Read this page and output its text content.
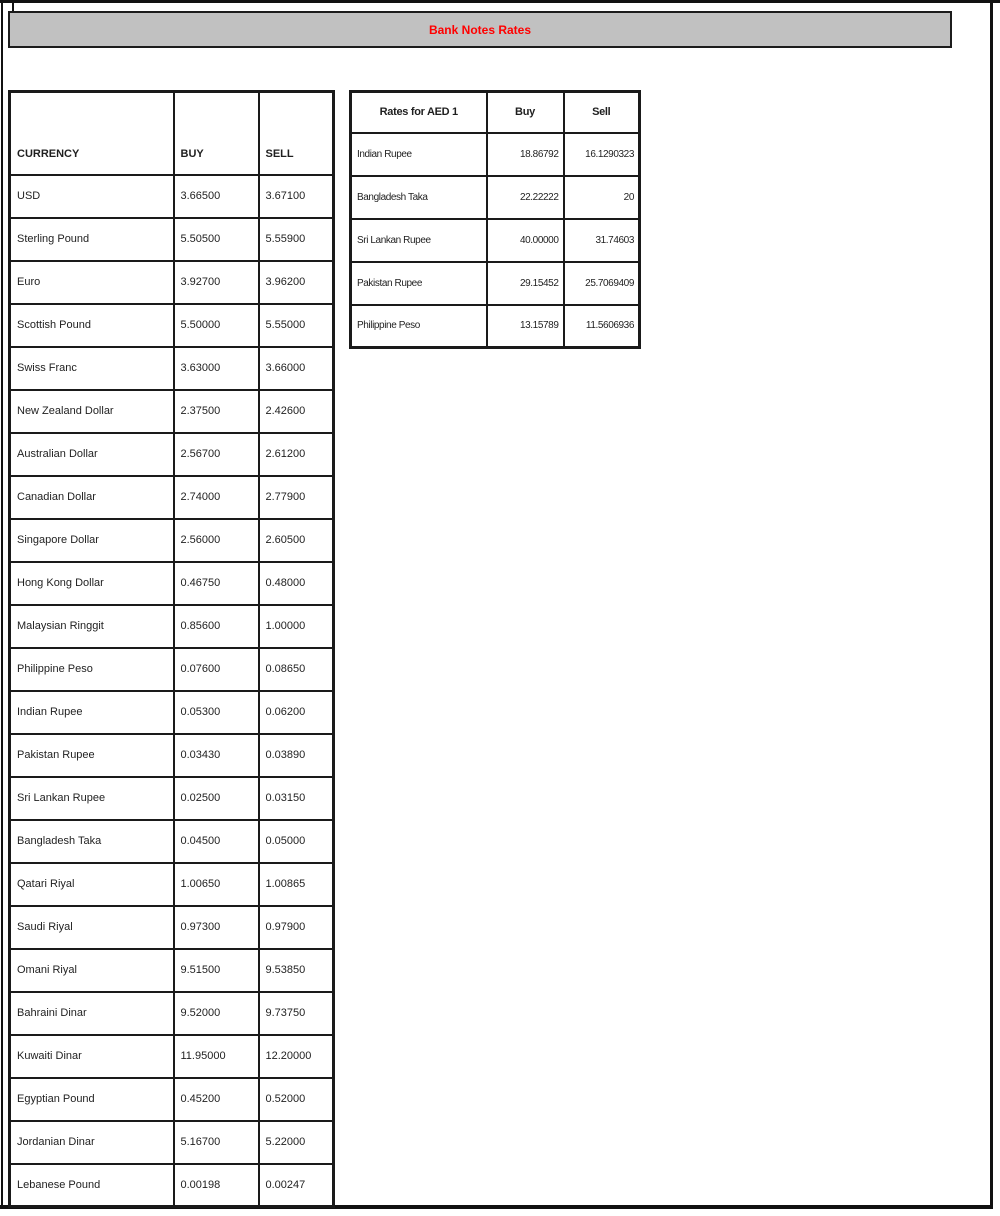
Bank Notes Rates
CURRENCY	BUY	SELL
USD	3.66500	3.67100
Sterling Pound	5.50500	5.55900
Euro	3.92700	3.96200
Scottish Pound	5.50000	5.55000
Swiss Franc	3.63000	3.66000
New Zealand Dollar	2.37500	2.42600
Australian Dollar	2.56700	2.61200
Canadian Dollar	2.74000	2.77900
Singapore Dollar	2.56000	2.60500
Hong Kong Dollar	0.46750	0.48000
Malaysian Ringgit	0.85600	1.00000
Philippine Peso	0.07600	0.08650
Indian Rupee	0.05300	0.06200
Pakistan Rupee	0.03430	0.03890
Sri Lankan Rupee	0.02500	0.03150
Bangladesh Taka	0.04500	0.05000
Qatari Riyal	1.00650	1.00865
Saudi Riyal	0.97300	0.97900
Omani Riyal	9.51500	9.53850
Bahraini Dinar	9.52000	9.73750
Kuwaiti Dinar	11.95000	12.20000
Egyptian Pound	0.45200	0.52000
Jordanian Dinar	5.16700	5.22000
Lebanese Pound	0.00198	0.00247
Rates for AED 1	Buy	Sell
Indian Rupee	18.86792	16.1290323
Bangladesh Taka	22.22222	20
Sri Lankan Rupee	40.00000	31.74603
Pakistan Rupee	29.15452	25.7069409
Philippine Peso	13.15789	11.5606936
